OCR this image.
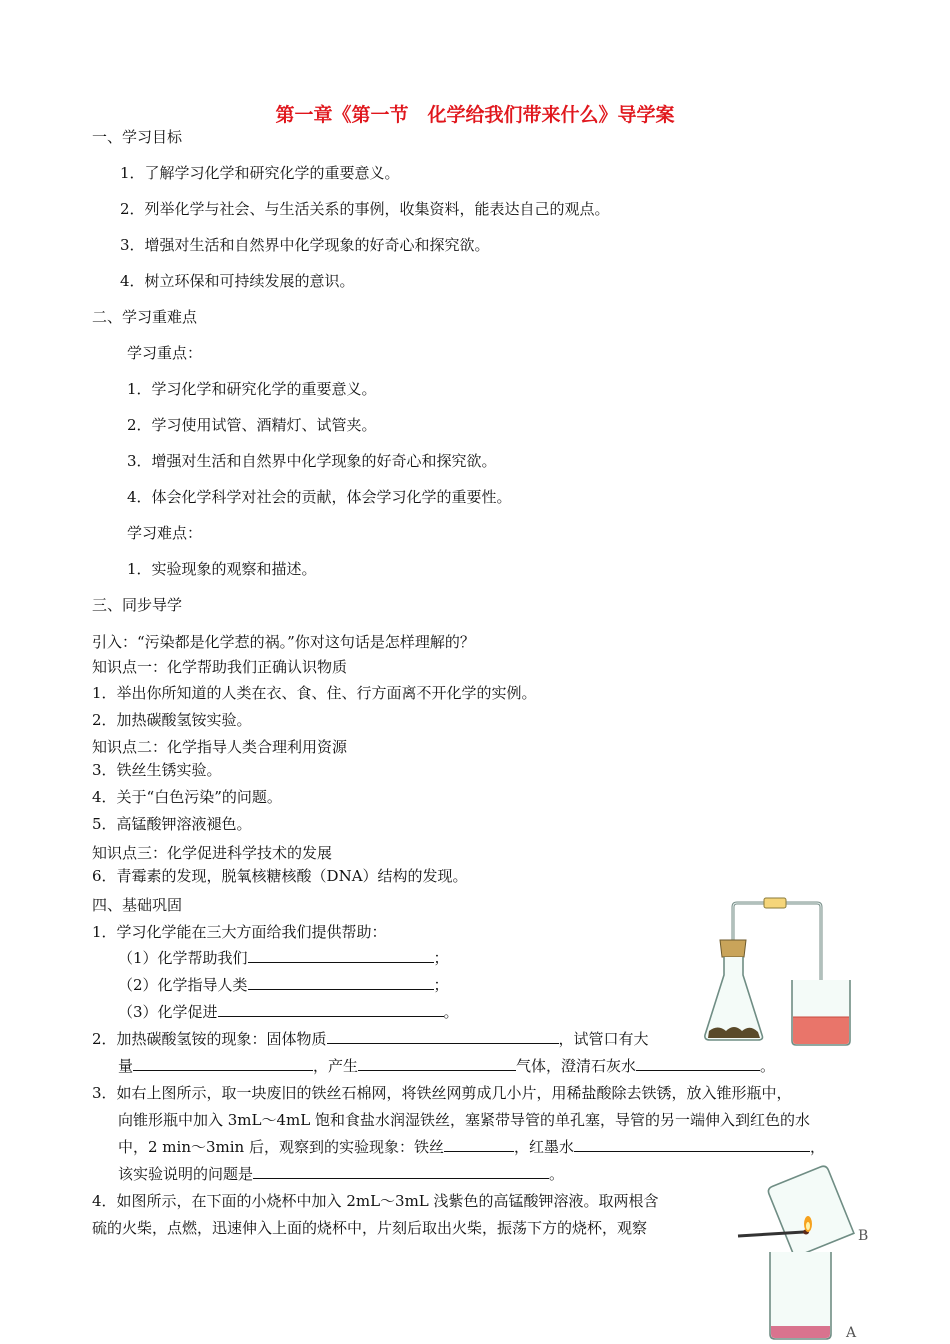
第一章《第一节　化学给我们带来什么》导学案
一、学习目标
1．了解学习化学和研究化学的重要意义。
2．列举化学与社会、与生活关系的事例，收集资料，能表达自己的观点。
3．增强对生活和自然界中化学现象的好奇心和探究欲。
4．树立环保和可持续发展的意识。
二、学习重难点
学习重点：
1．学习化学和研究化学的重要意义。
2．学习使用试管、酒精灯、试管夹。
3．增强对生活和自然界中化学现象的好奇心和探究欲。
4．体会化学科学对社会的贡献，体会学习化学的重要性。
学习难点：
1．实验现象的观察和描述。
三、同步导学
引入：“污染都是化学惹的祸。”你对这句话是怎样理解的？
知识点一：化学帮助我们正确认识物质
1．举出你所知道的人类在衣、食、住、行方面离不开化学的实例。
2．加热碳酸氢铵实验。
知识点二：化学指导人类合理利用资源
3．铁丝生锈实验。
4．关于“白色污染”的问题。
5．高锰酸钾溶液褪色。
知识点三：化学促进科学技术的发展
6．青霉素的发现，脱氧核糖核酸（DNA）结构的发现。
四、基础巩固
1．学习化学能在三大方面给我们提供帮助：
（1）化学帮助我们	；
（2）化学指导人类	；
（3）化学促进	。
2．加热碳酸氢铵的现象：固体物质	，试管口有大
量	，产生	气体，澄清石灰水	。
3．如右上图所示，取一块废旧的铁丝石棉网，将铁丝网剪成几小片，用稀盐酸除去铁锈，放入锥形瓶中，
向锥形瓶中加入 3mL～4mL 饱和食盐水润湿铁丝，塞紧带导管的单孔塞，导管的另一端伸入到红色的水
中，2 min～3min 后，观察到的实验现象：铁丝	，红墨水	，
该实验说明的问题是	。
4．如图所示，在下面的小烧杯中加入 2mL～3mL 浅紫色的高锰酸钾溶液。取两根含
硫的火柴，点燃，迅速伸入上面的烧杯中，片刻后取出火柴，振荡下方的烧杯，观察	B
A
